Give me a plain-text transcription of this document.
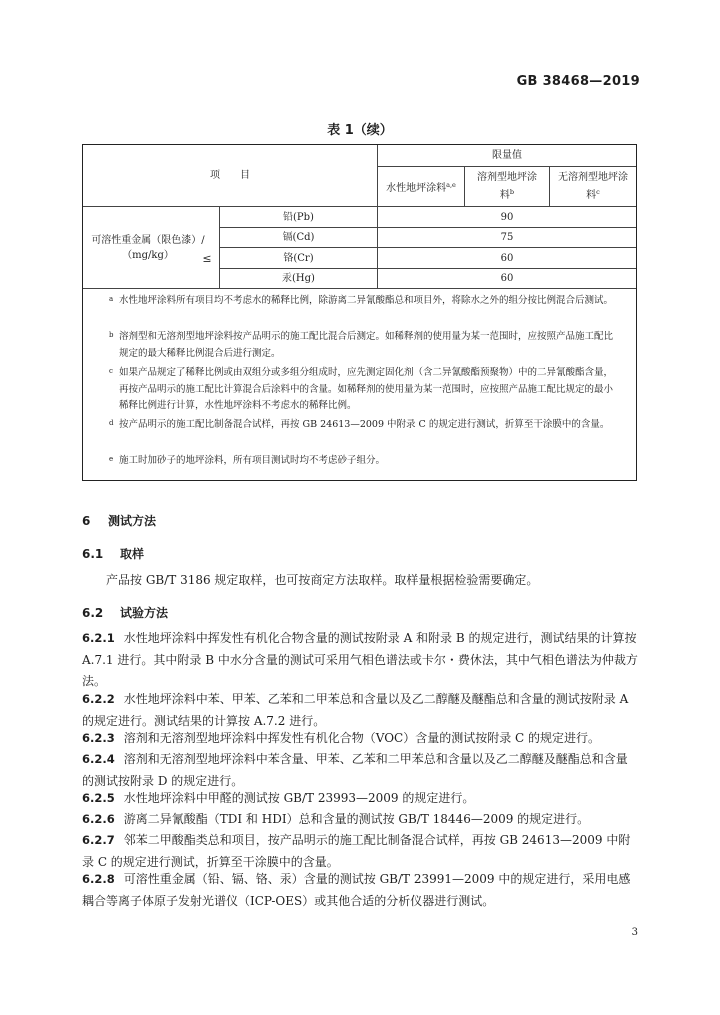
GB 38468—2019
表 1（续）
项　　目
限量值
水性地坪涂料$^{a,e}$
溶剂型地坪涂料$^b$
无溶剂型地坪涂料$^c$
可溶性重金属（限色漆）/（mg/kg）	≤
铅(Pb)	90
镉(Cd)	75
铬(Cr)	60
汞(Hg)	60
a 水性地坪涂料所有项目均不考虑水的稀释比例，除游离二异氰酸酯总和项目外，将除水之外的组分按比例混合后测试。
b 溶剂型和无溶剂型地坪涂料按产品明示的施工配比混合后测定。如稀释剂的使用量为某一范围时，应按照产品施工配比规定的最大稀释比例混合后进行测定。
c 如果产品规定了稀释比例或由双组分或多组分组成时，应先测定固化剂（含二异氰酸酯预聚物）中的二异氰酸酯含量，再按产品明示的施工配比计算混合后涂料中的含量。如稀释剂的使用量为某一范围时，应按照产品施工配比规定的最小稀释比例进行计算，水性地坪涂料不考虑水的稀释比例。
d 按产品明示的施工配比制备混合试样，再按 GB 24613—2009 中附录 C 的规定进行测试，折算至干涂膜中的含量。
e 施工时加砂子的地坪涂料，所有项目测试时均不考虑砂子组分。
6 测试方法
6.1 取样
产品按 GB/T 3186 规定取样，也可按商定方法取样。取样量根据检验需要确定。
6.2 试验方法
6.2.1 水性地坪涂料中挥发性有机化合物含量的测试按附录 A 和附录 B 的规定进行，测试结果的计算按 A.7.1 进行。其中附录 B 中水分含量的测试可采用气相色谱法或卡尔・费休法，其中气相色谱法为仲裁方法。
6.2.2 水性地坪涂料中苯、甲苯、乙苯和二甲苯总和含量以及乙二醇醚及醚酯总和含量的测试按附录 A 的规定进行。测试结果的计算按 A.7.2 进行。
6.2.3 溶剂和无溶剂型地坪涂料中挥发性有机化合物（VOC）含量的测试按附录 C 的规定进行。
6.2.4 溶剂和无溶剂型地坪涂料中苯含量、甲苯、乙苯和二甲苯总和含量以及乙二醇醚及醚酯总和含量的测试按附录 D 的规定进行。
6.2.5 水性地坪涂料中甲醛的测试按 GB/T 23993—2009 的规定进行。
6.2.6 游离二异氰酸酯（TDI 和 HDI）总和含量的测试按 GB/T 18446—2009 的规定进行。
6.2.7 邻苯二甲酸酯类总和项目，按产品明示的施工配比制备混合试样，再按 GB 24613—2009 中附录 C 的规定进行测试，折算至干涂膜中的含量。
6.2.8 可溶性重金属（铅、镉、铬、汞）含量的测试按 GB/T 23991—2009 中的规定进行，采用电感耦合等离子体原子发射光谱仪（ICP-OES）或其他合适的分析仪器进行测试。
3
